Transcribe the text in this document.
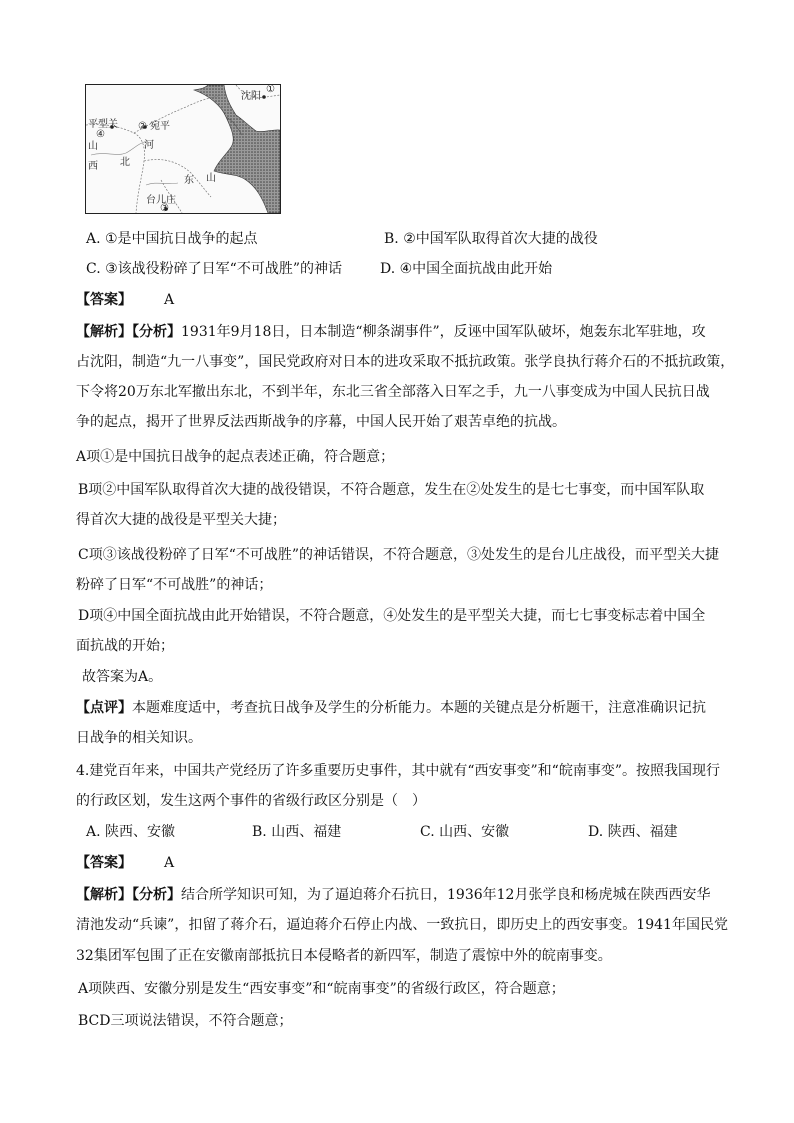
沈阳
①
平型关
④
② 宛平
山
西 北
河
东 山
台儿庄
③
A. ①是中国抗日战争的起点	B. ②中国军队取得首次大捷的战役
C. ③该战役粉碎了日军“不可战胜”的神话	D. ④中国全面抗战由此开始
【答案】 A
【解析】【分析】1931年9月18日，日本制造“柳条湖事件”，反诬中国军队破坏，炮轰东北军驻地，攻
占沈阳，制造“九一八事变”，国民党政府对日本的进攻采取不抵抗政策。张学良执行蒋介石的不抵抗政策，
下令将20万东北军撤出东北，不到半年，东北三省全部落入日军之手，九一八事变成为中国人民抗日战
争的起点，揭开了世界反法西斯战争的序幕，中国人民开始了艰苦卓绝的抗战。
A项①是中国抗日战争的起点表述正确，符合题意；
B项②中国军队取得首次大捷的战役错误，不符合题意，发生在②处发生的是七七事变，而中国军队取
得首次大捷的战役是平型关大捷；
C项③该战役粉碎了日军“不可战胜”的神话错误，不符合题意，③处发生的是台儿庄战役，而平型关大捷
粉碎了日军“不可战胜”的神话；
D项④中国全面抗战由此开始错误，不符合题意，④处发生的是平型关大捷，而七七事变标志着中国全
面抗战的开始；
故答案为A。
【点评】本题难度适中，考查抗日战争及学生的分析能力。本题的关键点是分析题干，注意准确识记抗
日战争的相关知识。
4.建党百年来，中国共产党经历了许多重要历史事件，其中就有“西安事变”和“皖南事变”。按照我国现行
的行政区划，发生这两个事件的省级行政区分别是（　）
A. 陕西、安徽	B. 山西、福建	C. 山西、安徽	D. 陕西、福建
【答案】 A
【解析】【分析】结合所学知识可知，为了逼迫蒋介石抗日，1936年12月张学良和杨虎城在陕西西安华
清池发动“兵谏”，扣留了蒋介石，逼迫蒋介石停止内战、一致抗日，即历史上的西安事变。1941年国民党
32集团军包围了正在安徽南部抵抗日本侵略者的新四军，制造了震惊中外的皖南事变。
A项陕西、安徽分别是发生“西安事变”和“皖南事变”的省级行政区，符合题意；
BCD三项说法错误，不符合题意；
